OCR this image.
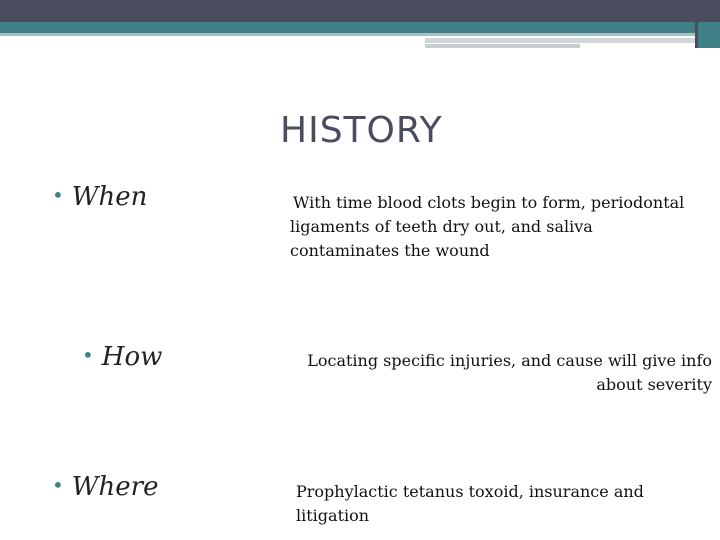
HISTORY
• When	With time blood clots begin to form, periodontal ligaments of teeth dry out, and saliva contaminates the wound
• How	Locating specific injuries, and cause will give info
about severity
• Where	Prophylactic tetanus toxoid, insurance and litigation
